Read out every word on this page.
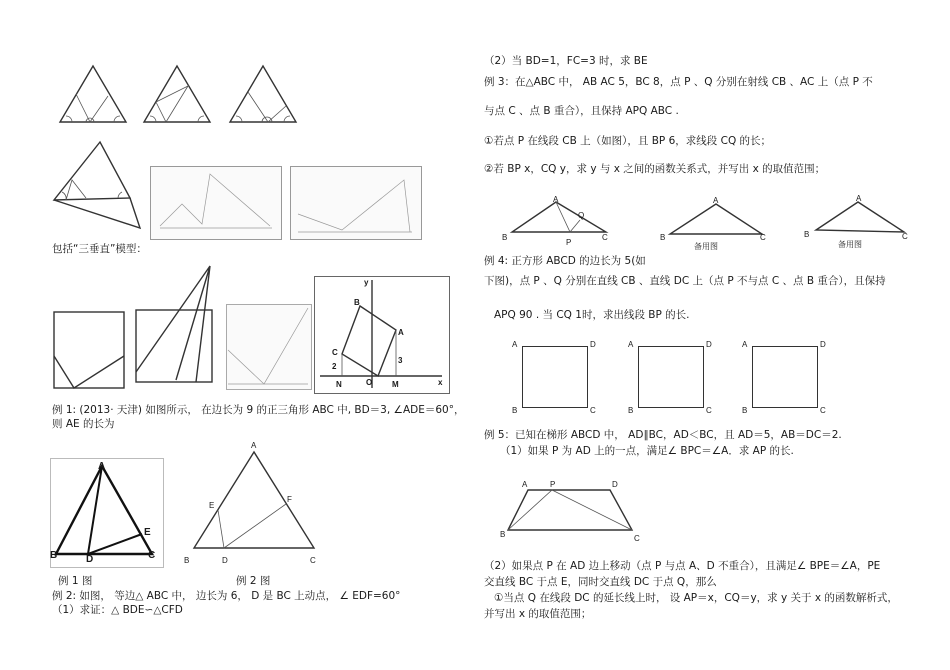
包括“三垂直”模型：
y
x
B
A
C
2
3
N	O M
例 1: (2013· 天津) 如图所示， 在边长为 9 的正三角形 ABC 中, BD＝3, ∠ADE＝60°，
则 AE 的长为
A
E
B	D	C
A
E
F
B	D	C
例 1 图	例 2 图
例 2: 如图， 等边△ ABC 中， 边长为 6， D 是 BC 上动点， ∠ EDF=60°
（1）求证：△ BDE∽△CFD
（2）当 BD=1，FC=3 时，求 BE
例 3：在△ABC 中， AB AC 5，BC 8，点 P 、Q 分别在射线 CB 、AC 上（点 P 不
与点 C 、点 B 重合），且保持 APQ ABC .
①若点 P 在线段 CB 上（如图），且 BP 6，求线段 CQ 的长；
②若 BP x，CQ y，求 y 与 x 之间的函数关系式，并写出 x 的取值范围；
A
Q
B
P
C
A
B	C
备用图
A
B	C
备用图
例 4: 正方形 ABCD 的边长为 5(如
下图)，点 P 、Q 分别在直线 CB 、直线 DC 上（点 P 不与点 C 、点 B 重合），且保持
APQ 90 . 当 CQ 1时，求出线段 BP 的长.
A	D
B	C
A	D
B	C
A	D
B	C
例 5：已知在梯形 ABCD 中， AD∥BC，AD＜BC，且 AD＝5，AB＝DC＝2.
（1）如果 P 为 AD 上的一点，满足∠ BPC＝∠A．求 AP 的长.
A	P	D
B	C
（2）如果点 P 在 AD 边上移动（点 P 与点 A、D 不重合），且满足∠ BPE＝∠A，PE
交直线 BC 于点 E，同时交直线 DC 于点 Q，那么
①当点 Q 在线段 DC 的延长线上时， 设 AP＝x，CQ＝y，求 y 关于 x 的函数解析式，
并写出 x 的取值范围；
